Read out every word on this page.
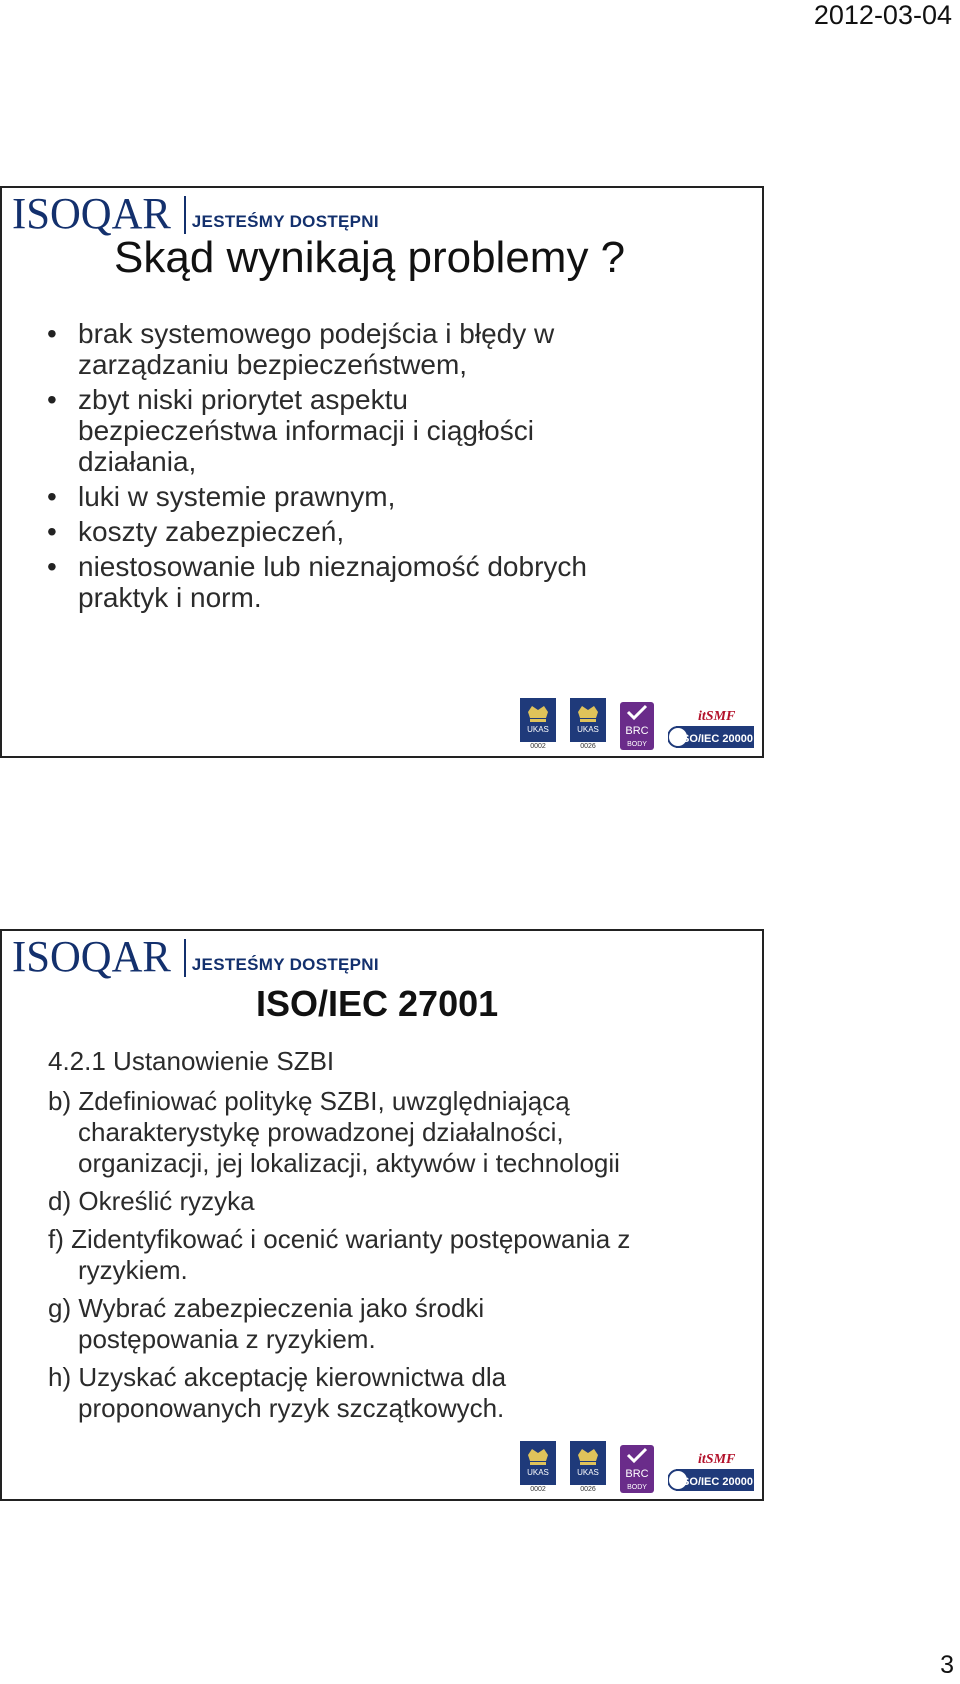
2012-03-04
ISOQAR JESTEŚMY DOSTĘPNI
Skąd wynikają problemy ?
• brak systemowego podejścia i błędy w
zarządzaniu bezpieczeństwem,
• zbyt niski priorytet aspektu
bezpieczeństwa informacji i ciągłości
działania,
• luki w systemie prawnym,
• koszty zabezpieczeń,
• niestosowanie lub nieznajomość dobrych
praktyk i norm.
UKAS
0002
UKAS
0026
BRC
BODY
itSMF
ISO/IEC 20000
ISOQAR JESTEŚMY DOSTĘPNI
ISO/IEC 27001
4.2.1 Ustanowienie SZBI
b) Zdefiniować politykę SZBI, uwzględniającą
charakterystykę prowadzonej działalności,
organizacji, jej lokalizacji, aktywów i technologii
d) Określić ryzyka
f) Zidentyfikować i ocenić warianty postępowania z
ryzykiem.
g) Wybrać zabezpieczenia jako środki
postępowania z ryzykiem.
h) Uzyskać akceptację kierownictwa dla
proponowanych ryzyk szczątkowych.
UKAS
0002
UKAS
0026
BRC
BODY
itSMF
ISO/IEC 20000
3
